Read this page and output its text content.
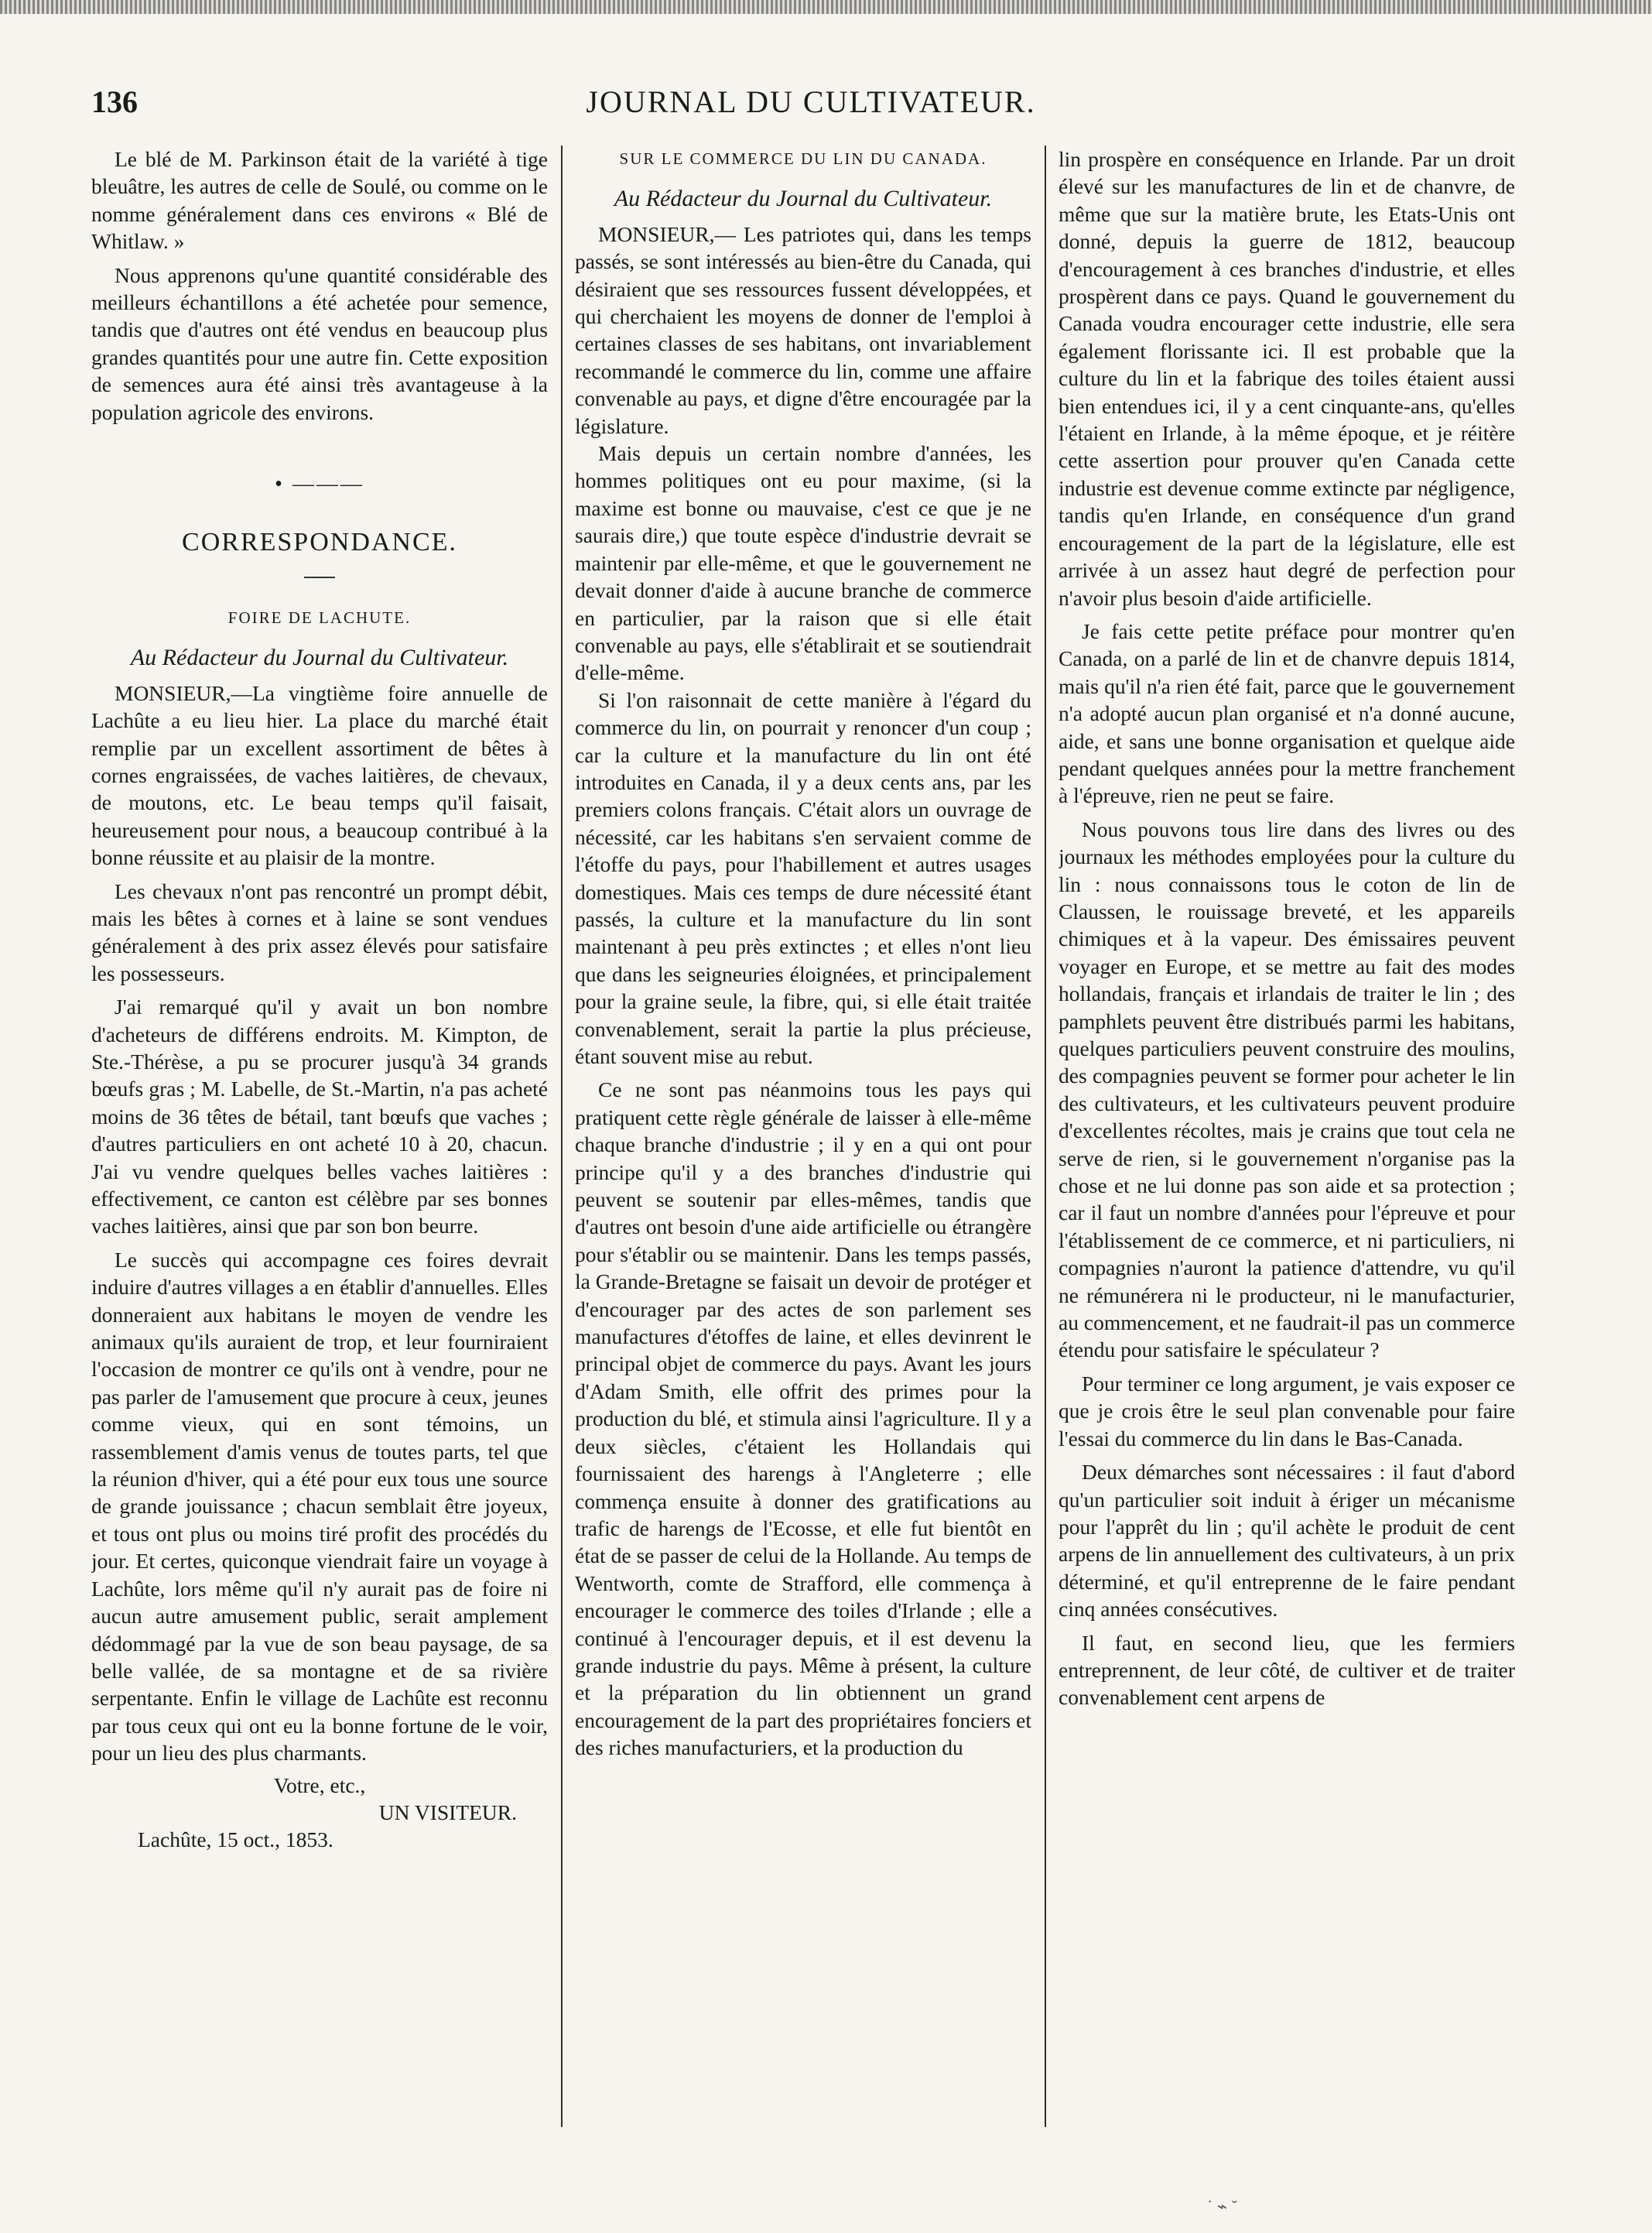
136	JOURNAL DU CULTIVATEUR.

Le blé de M. Parkinson était de la variété à tige bleuâtre, les autres de celle de Soulé, ou comme on le nomme généralement dans ces environs « Blé de Whitlaw. »

Nous apprenons qu'une quantité considérable des meilleurs échantillons a été achetée pour semence, tandis que d'autres ont été vendus en beaucoup plus grandes quantités pour une autre fin. Cette exposition de semences aura été ainsi très avantageuse à la population agricole des environs.

• ———
CORRESPONDANCE.
FOIRE DE LACHUTE.

Au Rédacteur du Journal du Cultivateur.

MONSIEUR,—La vingtième foire annuelle de Lachûte a eu lieu hier. La place du marché était remplie par un excellent assortiment de bêtes à cornes engraissées, de vaches laitières, de chevaux, de moutons, etc. Le beau temps qu'il faisait, heureusement pour nous, a beaucoup contribué à la bonne réussite et au plaisir de la montre.

Les chevaux n'ont pas rencontré un prompt débit, mais les bêtes à cornes et à laine se sont vendues généralement à des prix assez élevés pour satisfaire les possesseurs.

J'ai remarqué qu'il y avait un bon nombre d'acheteurs de différens endroits. M. Kimpton, de Ste.-Thérèse, a pu se procurer jusqu'à 34 grands bœufs gras ; M. Labelle, de St.-Martin, n'a pas acheté moins de 36 têtes de bétail, tant bœufs que vaches ; d'autres particuliers en ont acheté 10 à 20, chacun. J'ai vu vendre quelques belles vaches laitières : effectivement, ce canton est célèbre par ses bonnes vaches laitières, ainsi que par son bon beurre.

Le succès qui accompagne ces foires devrait induire d'autres villages a en établir d'annuelles. Elles donneraient aux habitans le moyen de vendre les animaux qu'ils auraient de trop, et leur fourniraient l'occasion de montrer ce qu'ils ont à vendre, pour ne pas parler de l'amusement que procure à ceux, jeunes comme vieux, qui en sont témoins, un rassemblement d'amis venus de toutes parts, tel que la réunion d'hiver, qui a été pour eux tous une source de grande jouissance ; chacun semblait être joyeux, et tous ont plus ou moins tiré profit des procédés du jour. Et certes, quiconque viendrait faire un voyage à Lachûte, lors même qu'il n'y aurait pas de foire ni aucun autre amusement public, serait amplement dédommagé par la vue de son beau paysage, de sa belle vallée, de sa montagne et de sa rivière serpentante. Enfin le village de Lachûte est reconnu par tous ceux qui ont eu la bonne fortune de le voir, pour un lieu des plus charmants.

Votre, etc.,

UN VISITEUR.

Lachûte, 15 oct., 1853.

SUR LE COMMERCE DU LIN DU CANADA.

Au Rédacteur du Journal du Cultivateur.

MONSIEUR,— Les patriotes qui, dans les temps passés, se sont intéressés au bien-être du Canada, qui désiraient que ses ressources fussent développées, et qui cherchaient les moyens de donner de l'emploi à certaines classes de ses habitans, ont invariablement recommandé le commerce du lin, comme une affaire convenable au pays, et digne d'être encouragée par la législature.

Mais depuis un certain nombre d'années, les hommes politiques ont eu pour maxime, (si la maxime est bonne ou mauvaise, c'est ce que je ne saurais dire,) que toute espèce d'industrie devrait se maintenir par elle-même, et que le gouvernement ne devait donner d'aide à aucune branche de commerce en particulier, par la raison que si elle était convenable au pays, elle s'établirait et se soutiendrait d'elle-même.

Si l'on raisonnait de cette manière à l'égard du commerce du lin, on pourrait y renoncer d'un coup ; car la culture et la manufacture du lin ont été introduites en Canada, il y a deux cents ans, par les premiers colons français. C'était alors un ouvrage de nécessité, car les habitans s'en servaient comme de l'étoffe du pays, pour l'habillement et autres usages domestiques. Mais ces temps de dure nécessité étant passés, la culture et la manufacture du lin sont maintenant à peu près extinctes ; et elles n'ont lieu que dans les seigneuries éloignées, et principalement pour la graine seule, la fibre, qui, si elle était traitée convenablement, serait la partie la plus précieuse, étant souvent mise au rebut.

Ce ne sont pas néanmoins tous les pays qui pratiquent cette règle générale de laisser à elle-même chaque branche d'industrie ; il y en a qui ont pour principe qu'il y a des branches d'industrie qui peuvent se soutenir par elles-mêmes, tandis que d'autres ont besoin d'une aide artificielle ou étrangère pour s'établir ou se maintenir. Dans les temps passés, la Grande-Bretagne se faisait un devoir de protéger et d'encourager par des actes de son parlement ses manufactures d'étoffes de laine, et elles devinrent le principal objet de commerce du pays. Avant les jours d'Adam Smith, elle offrit des primes pour la production du blé, et stimula ainsi l'agriculture. Il y a deux siècles, c'étaient les Hollandais qui fournissaient des harengs à l'Angleterre ; elle commença ensuite à donner des gratifications au trafic de harengs de l'Ecosse, et elle fut bientôt en état de se passer de celui de la Hollande. Au temps de Wentworth, comte de Strafford, elle commença à encourager le commerce des toiles d'Irlande ; elle a continué à l'encourager depuis, et il est devenu la grande industrie du pays. Même à présent, la culture et la préparation du lin obtiennent un grand encouragement de la part des propriétaires fonciers et des riches manufacturiers, et la production du

lin prospère en conséquence en Irlande. Par un droit élevé sur les manufactures de lin et de chanvre, de même que sur la matière brute, les Etats-Unis ont donné, depuis la guerre de 1812, beaucoup d'encouragement à ces branches d'industrie, et elles prospèrent dans ce pays. Quand le gouvernement du Canada voudra encourager cette industrie, elle sera également florissante ici. Il est probable que la culture du lin et la fabrique des toiles étaient aussi bien entendues ici, il y a cent cinquante-ans, qu'elles l'étaient en Irlande, à la même époque, et je réitère cette assertion pour prouver qu'en Canada cette industrie est devenue comme extincte par négligence, tandis qu'en Irlande, en conséquence d'un grand encouragement de la part de la législature, elle est arrivée à un assez haut degré de perfection pour n'avoir plus besoin d'aide artificielle.

Je fais cette petite préface pour montrer qu'en Canada, on a parlé de lin et de chanvre depuis 1814, mais qu'il n'a rien été fait, parce que le gouvernement n'a adopté aucun plan organisé et n'a donné aucune, aide, et sans une bonne organisation et quelque aide pendant quelques années pour la mettre franchement à l'épreuve, rien ne peut se faire.

Nous pouvons tous lire dans des livres ou des journaux les méthodes employées pour la culture du lin : nous connaissons tous le coton de lin de Claussen, le rouissage breveté, et les appareils chimiques et à la vapeur. Des émissaires peuvent voyager en Europe, et se mettre au fait des modes hollandais, français et irlandais de traiter le lin ; des pamphlets peuvent être distribués parmi les habitans, quelques particuliers peuvent construire des moulins, des compagnies peuvent se former pour acheter le lin des cultivateurs, et les cultivateurs peuvent produire d'excellentes récoltes, mais je crains que tout cela ne serve de rien, si le gouvernement n'organise pas la chose et ne lui donne pas son aide et sa protection ; car il faut un nombre d'années pour l'épreuve et pour l'établissement de ce commerce, et ni particuliers, ni compagnies n'auront la patience d'attendre, vu qu'il ne rémunérera ni le producteur, ni le manufacturier, au commencement, et ne faudrait-il pas un commerce étendu pour satisfaire le spéculateur ?

Pour terminer ce long argument, je vais exposer ce que je crois être le seul plan convenable pour faire l'essai du commerce du lin dans le Bas-Canada.

Deux démarches sont nécessaires : il faut d'abord qu'un particulier soit induit à ériger un mécanisme pour l'apprêt du lin ; qu'il achète le produit de cent arpens de lin annuellement des cultivateurs, à un prix déterminé, et qu'il entreprenne de le faire pendant cinq années consécutives.

Il faut, en second lieu, que les fermiers entreprennent, de leur côté, de cultiver et de traiter convenablement cent arpens de

˙ ⌁ ˘
